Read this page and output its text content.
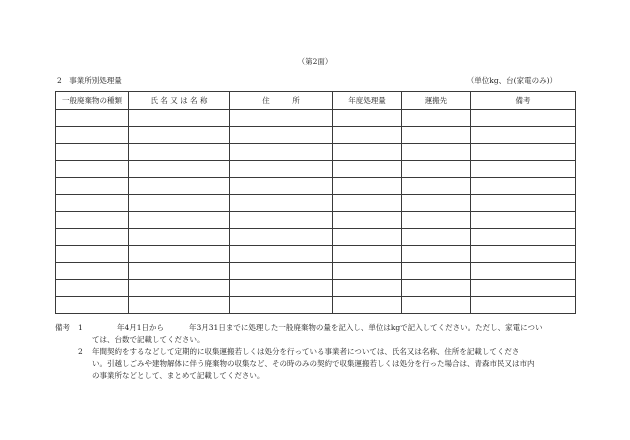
（第2面）
2　事業所別処理量	（単位kg、台(家電のみ)）
一般廃棄物の種類	氏 名 又 は 名 称	住　　　所	年度処理量	運搬先	備考

備考 1	年4月1日から	年3月31日までに処理した一般廃棄物の量を記入し、単位はkgで記入してください。ただし、家電につい
ては、台数で記載してください。
2 年間契約をするなどして定期的に収集運搬若しくは処分を行っている事業者については、氏名又は名称、住所を記載してくださ
い。引越しごみや建物解体に伴う廃棄物の収集など、その時のみの契約で収集運搬若しくは処分を行った場合は、青森市民又は市内
の事業所などとして、まとめて記載してください。
